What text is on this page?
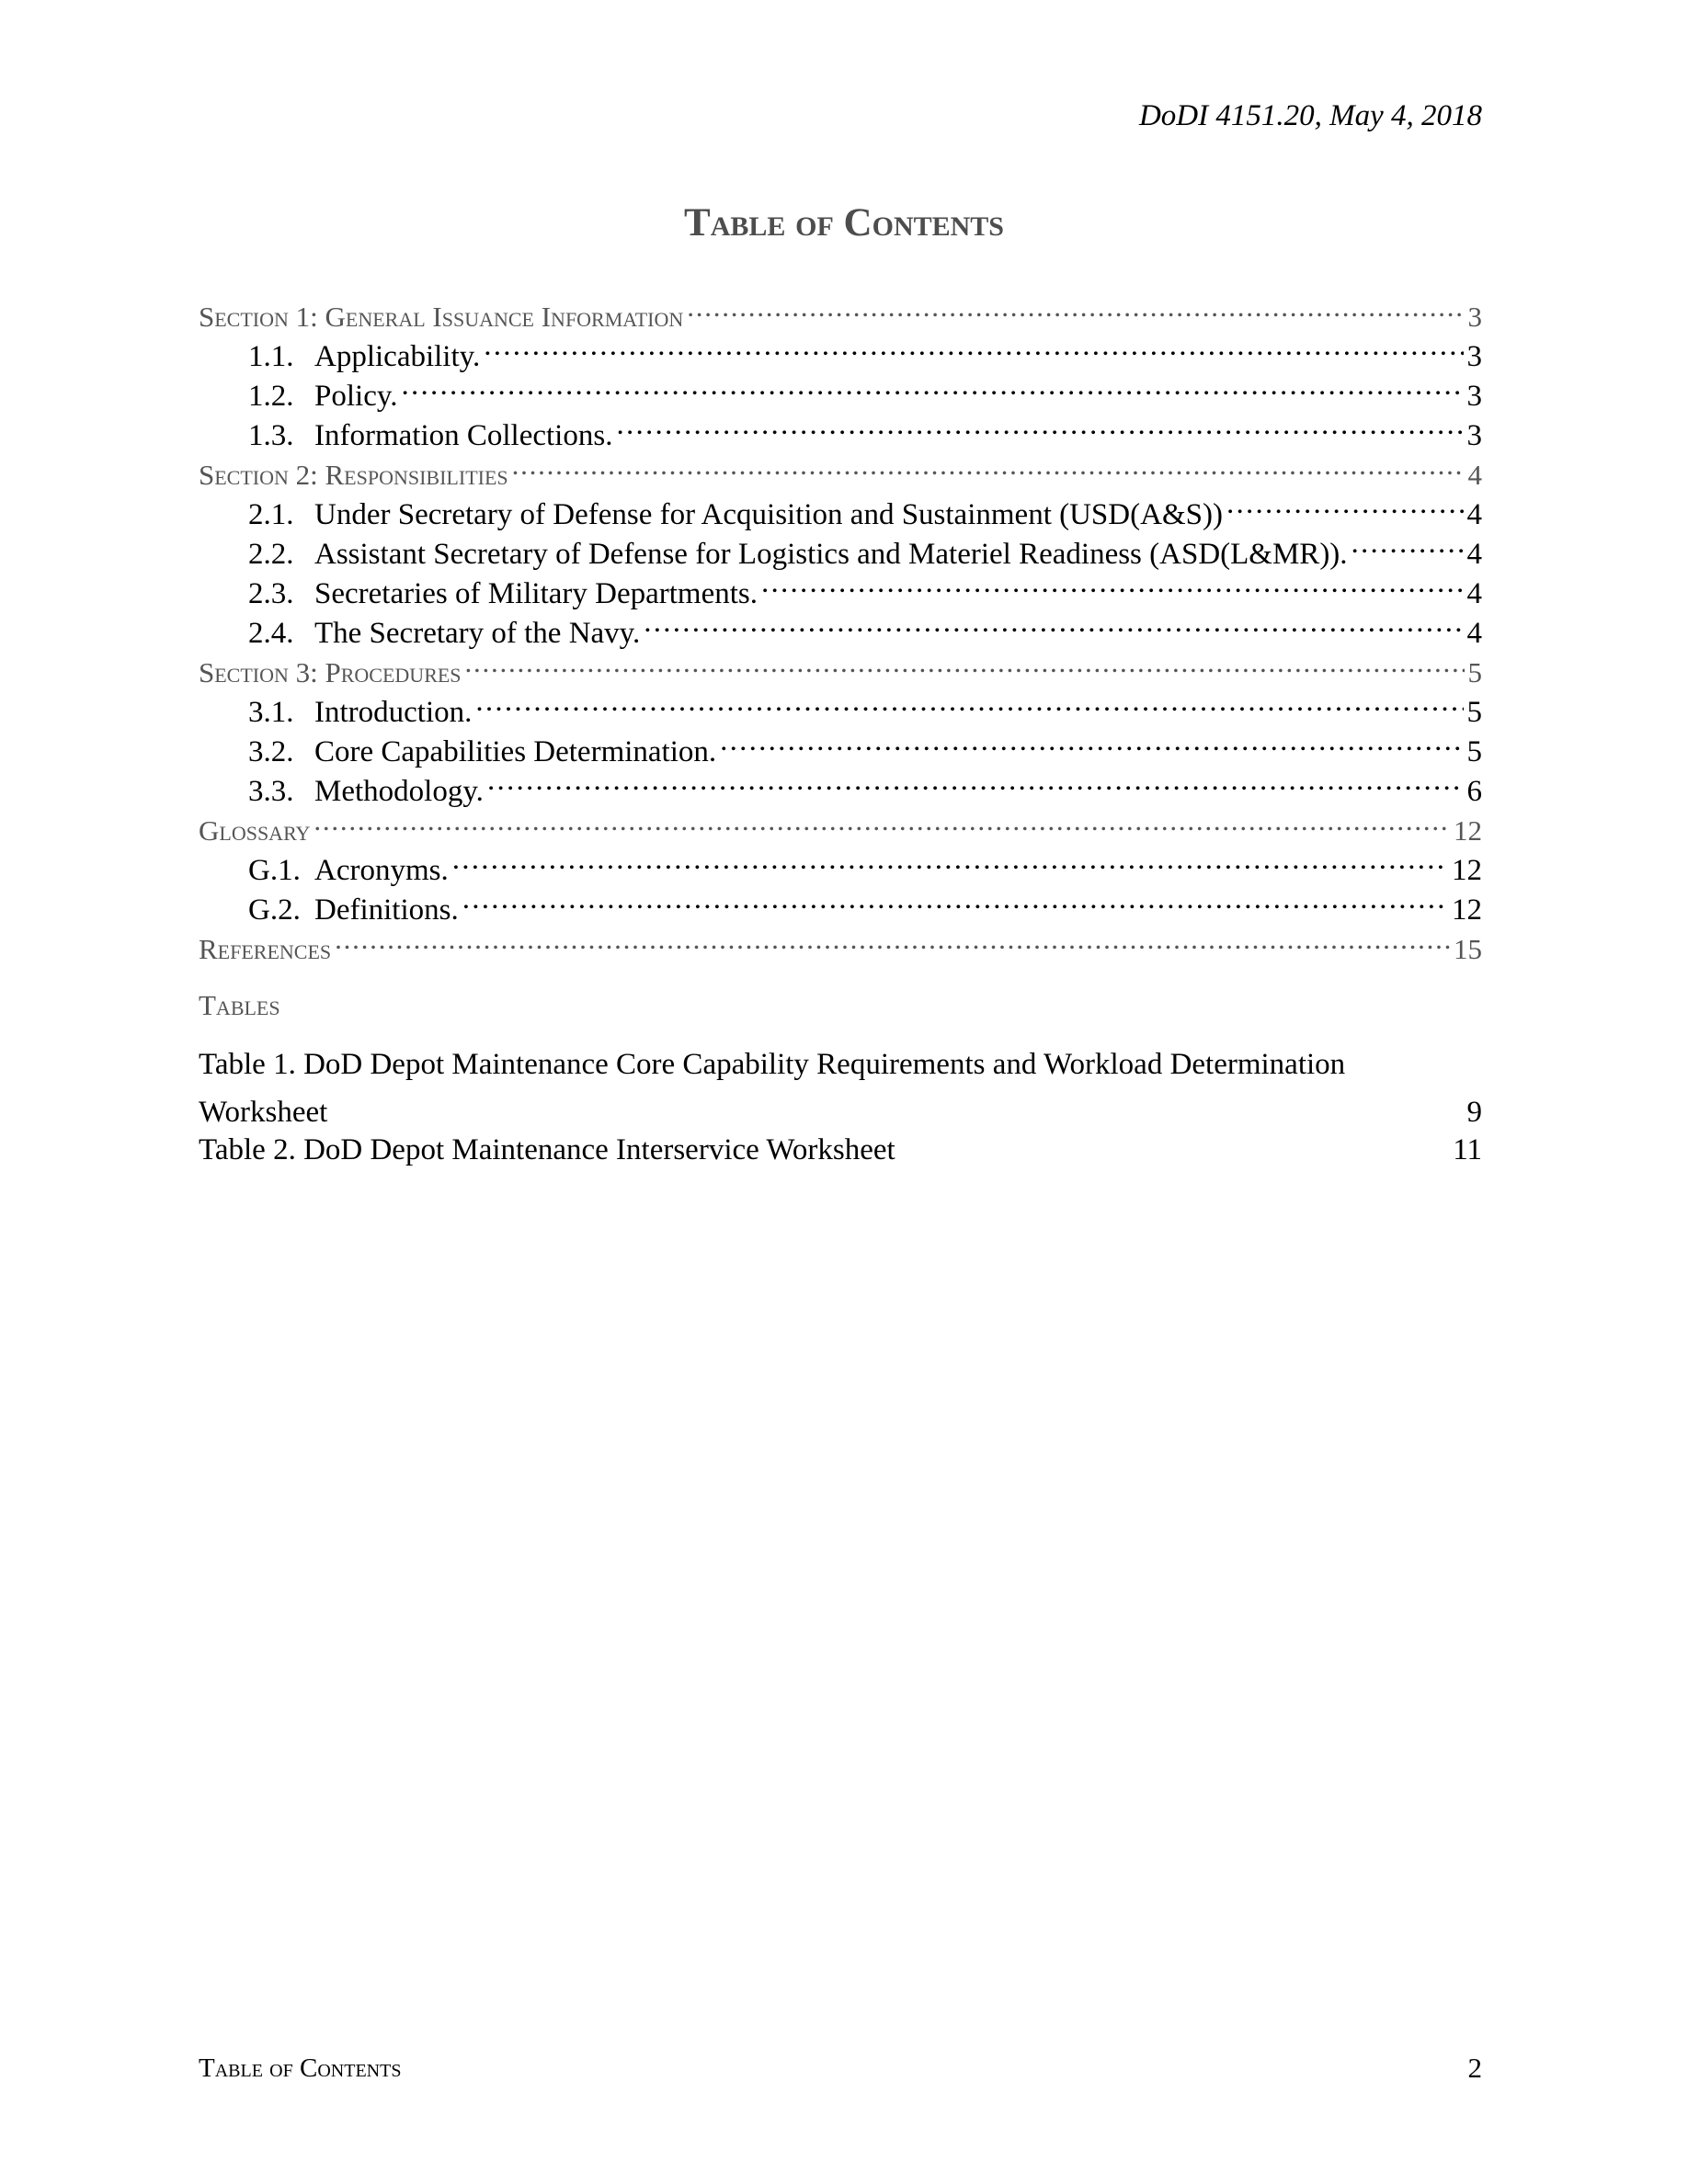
DoDI 4151.20, May 4, 2018
Table of Contents
Section 1: General Issuance Information . . .	3
1.1. Applicability. . . .	3
1.2. Policy. . . .	3
1.3. Information Collections. . . .	3
Section 2: Responsibilities . . .	4
2.1. Under Secretary of Defense for Acquisition and Sustainment (USD(A&S)) . . .	4
2.2. Assistant Secretary of Defense for Logistics and Materiel Readiness (ASD(L&MR)). . . .	4
2.3. Secretaries of Military Departments. . . .	4
2.4. The Secretary of the Navy. . . .	4
Section 3: Procedures . . .	5
3.1. Introduction. . . .	5
3.2. Core Capabilities Determination. . . .	5
3.3. Methodology. . . .	6
Glossary . . .	12
G.1. Acronyms. . . .	12
G.2. Definitions. . . .	12
References . . .	15
Tables
Table 1. DoD Depot Maintenance Core Capability Requirements and Workload Determination
Worksheet	9
Table 2. DoD Depot Maintenance Interservice Worksheet	11
Table of Contents	2
